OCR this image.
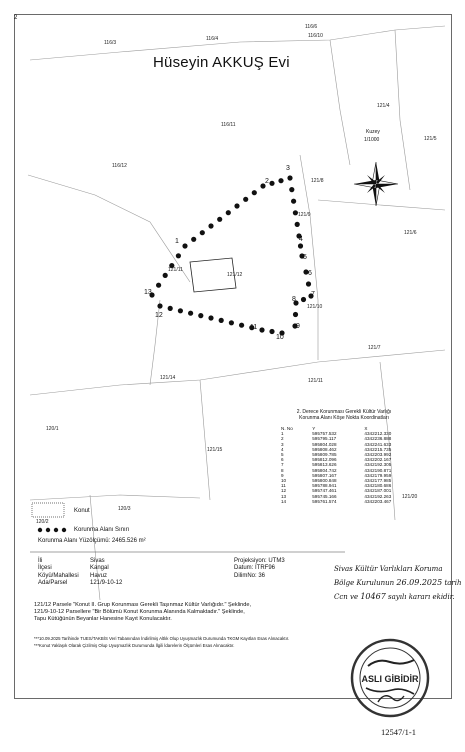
2
Hüseyin AKKUŞ Evi
Kuzey
1/1000
116/3
116/4
116/6
116/10
121/4
121/5
116/11
116/12
121/8
121/9
121/6
121/12
121/11
121/10
121/7
121/14	121/11
120/1
121/15
120/3
120/2
121/20
1
2
3
4
5
6
7
8
9
10
11
12
13
2. Derece Korunması Gerekli Kültür Varlığı
Korunma Alanı Köşe Nokta Koordinatları
N. No	Y	X
1	595757.532	4342212.330
2	595795.117	4342236.888
3	595804.028	4342241.633
4	595808.462	4342215.735
5	595809.785	4342203.992
6	595812.096	4342202.167
7	595813.626	4342192.305
8	595804.742	4342190.871
9	595807.167	4342179.959
10	595800.848	4342177.985
11	595788.941	4342180.686
12	595747.461	4342187.001
13	595745.166	4342192.263
14	595761.574	4342203.467
Konut
Korunma Alanı Sınırı
Korunma Alanı Yüzölçümü: 2465.526 m²
İli	Sivas
İlçesi	Kangal
Köyü/Mahallesi Havuz
Ada/Parsel	121/9-10-12
Projeksiyon: UTM3
Datum: ITRF96
DilimNo: 36
Sivas Kültür Varlıkları Koruma
Bölge Kurulunun 26.09.2025 tarih
Ccn ve 10467 sayılı kararı ekidir.
121/12 Parsele "Konut II. Grup Korunması Gerekli Taşınmaz Kültür Varlığıdır." Şeklinde,
121/9-10-12 Parsellere "Bir Bölümü Konut Korunma Alanında Kalmaktadır." Şeklinde,
Tapu Kütüğünün Beyanlar Hanesine Kayıt Konulacaktır.
***10.09.2025 Tarihinde TUES/TAKBİS Veri Tabanından İndirilmiş Altlık Olup Uyuşmazlık Durumunda TKGM Kayıtları Esas Alınacaktır.
***Konut Yaklaşık Olarak Çizilmiş Olup Uyuşmazlık Durumunda İlgili İdarelerin Ölçümleri Esas Alınacaktır.
ASLI GİBİDİR
12547/1-1
